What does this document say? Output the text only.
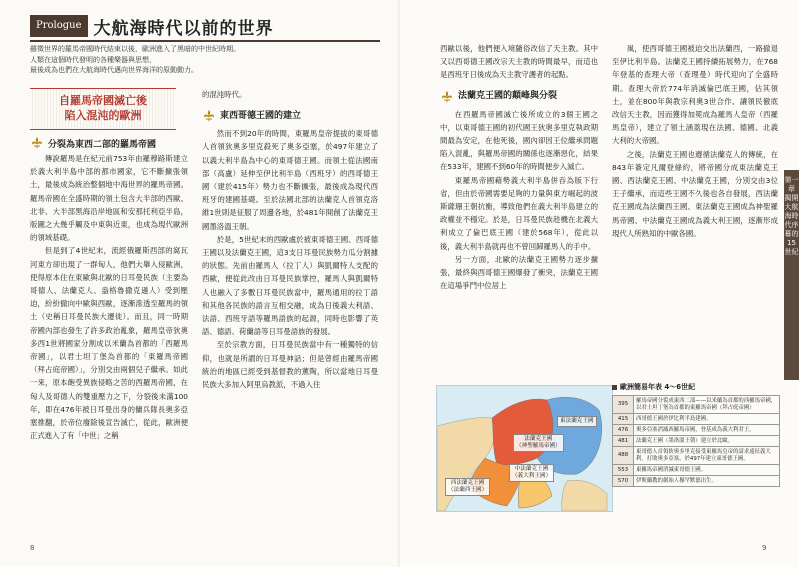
Prologue 大航海時代以前的世界
雖徵世界的羅馬帝國時代結束以後，歐洲進入了黑暗的中世紀時期。
人類在這個時代發明的各種樂器與思想，
最後成為也們在大航海時代邁向世界海洋的原動動力。
自羅馬帝國滅亡後
陷入混沌的歐洲
分裂為東西二部的羅馬帝國

傳說羅馬是在紀元前753年由羅穆路斯建立於義大利半島中部的都市國家，它不斷擴張領土，最後成為統治整個地中海世界的羅馬帝國。羅馬帝國在全盛時期的領土包含大半部的西歐、北非、大半部黑海沿岸地區和安那托利亞半島，版圖之大幾乎觸及中東與近東，也成為現代歐洲的領域基礎。

但是到了4世紀末，流經俄羅斯西部的窩瓦河東方卻出現了一群匈人，他們大舉入侵歐洲，使得原本住在東歐與北歐的日耳曼民族（主要為哥德人、法蘭克人、盎格魯撒克遜人）受到壓迫，紛紛撤向中歐與西歐，逐漸滲透至羅馬的領土（史稱日耳曼民族大遷徙）。而且，同一時期帝國內部也發生了許多政治亂象，羅馬皇帝狄奧多西1世將國家分割成以米蘭為首都的「西羅馬帝國」，以君士坦丁堡為首都的「東羅馬帝國（拜占庭帝國）」，分別交由兩個兒子繼承。如此一來，原本飽受異族侵略之苦的西羅馬帝國，在匈人及哥德人的雙重壓力之下，分裂後未滿100年，即在476年被日耳曼出身的傭兵隊長奧多亞塞推翻，於帝位廢除後宣告滅亡，從此，歐洲便正式進入了有「中世」之稱

的混沌時代。
東西哥德王國的建立

然而不到20年的時間，東羅馬皇帝提拔的東哥德人首領狄奧多里克殺死了奧多亞塞，於497年建立了以義大利半島為中心的東哥德王國。而領土從法國南部（高盧）延伸至伊比利半島（西班牙）的西哥德王國（建於415年）勢力也不斷擴張，最後成為現代西班牙的建國基礎。至於法國北部的法蘭克人首領克洛維1世則是征服了周邊各地，於481年開創了法蘭克王國墨洛溫王朝。

於是，5世紀末的西歐處於被東哥德王國、西哥德王國以及法蘭克王國，這3支日耳曼民族勢力瓜分割據的狀態。先前由羅馬人（拉丁人）與凱爾特人支配的西歐，便從此改由日耳曼民族掌控，羅馬人與凱爾特人也融入了多數日耳曼民族當中，羅馬通用的拉丁語和其他各民族的語言互相交融，成為日後義大利語、法語、西班牙語等羅馬語族的起源，同時也影響了英語、德語、荷蘭語等日耳曼語族的發展。

至於宗教方面，日耳曼民族當中有一種獨特的信仰，也就是所謂的日耳曼神話；但是曾經由羅馬帝國統治的地區已經受到基督教的薰陶，所以當地日耳曼民族大多加入阿里烏教派，不過入住

8
西歐以後，他們便入境隨俗改信了天主教。其中又以西哥德王國改宗天主教的時間最早，而這也是西班牙日後成為天主教守護者的起點。
法蘭克王國的顛峰與分裂

在西羅馬帝國滅亡後所成立的3個王國之中，以東哥德王國的初代國王狄奧多里克執政期間最為安定，在他死後，國內卻因王位繼承問題陷入混亂，與羅馬帝國的關係也逐漸惡化，結果在533年，建國不到60年的時間便步入滅亡。

東羅馬帝國藉勢義大利半島併吞為版下行省，但由於帝國需要足夠的力量與東方崛起的波斯薩珊王朝抗衡，導致他們在義大利半島建立的政權並不穩定。於是，日耳曼民族趁機在北義大利成立了倫巴底王國（建於568年），從此以後，義大利半島就再也不曾回歸羅馬人的手中。

另一方面，北歐的法蘭克王國勢力逐步擴張，最終與西哥德王國爆發了衝突，法蘭克王國在這場爭鬥中位居上

風，使西哥德王國被迫交出法蘭西，一路撤退至伊比利半島。法蘭克王國持續拓展勢力，在768年登基的查理大帝（查理曼）時代迎向了全盛時期。查理大帝於774年消滅倫巴底王國，佔其領土，並在800年與教宗利奧3世合作、讓領民徹底改信天主教，因而獲得加冕成為羅馬人皇帝（西羅馬皇帝），建立了領土涵蓋現在法國、德國、北義大利的大帝國。

之後，法蘭克王國也遵循法蘭克人的傳統，在843年簽定凡爾登條約，將帝國分成東法蘭克王國、西法蘭克王國、中法蘭克王國，分別交由3位王子繼承，而這些王國不久後也各自發展，西法蘭克王國成為法蘭西王國、東法蘭克王國成為神聖羅馬帝國、中法蘭克王國成為義大利王國，逐漸形成現代人所熟知的中歐各國。

第一章 揭開大航海時代序幕的15世紀
法蘭克王國
（神聖羅馬帝國）
東法蘭克王國
中法蘭克王國
（義大利王國）
西法蘭克王國
（法蘭西王國）
歐洲簡易年表 4～6世紀
395	羅馬帝國分裂成東西二部——以米蘭為首都的西羅馬帝國，以君士坦丁堡為首都的東羅馬帝國（拜占庭帝國）
415	西哥德王國於伊比利半島建國。
476	奧多亞塞消滅西羅馬帝國，登基成為義大利君王。
481	法蘭克王國（墨洛溫王朝）建立於北歐。
488	東哥德人首領狄奧多里克接受東羅馬皇帝的請求遠征義大利，打敗奧多亞塞，於497年建立東哥德王國。
553	東羅馬帝國消滅東哥德王國。
570	伊斯蘭教的創始人穆罕默德出生。
9
